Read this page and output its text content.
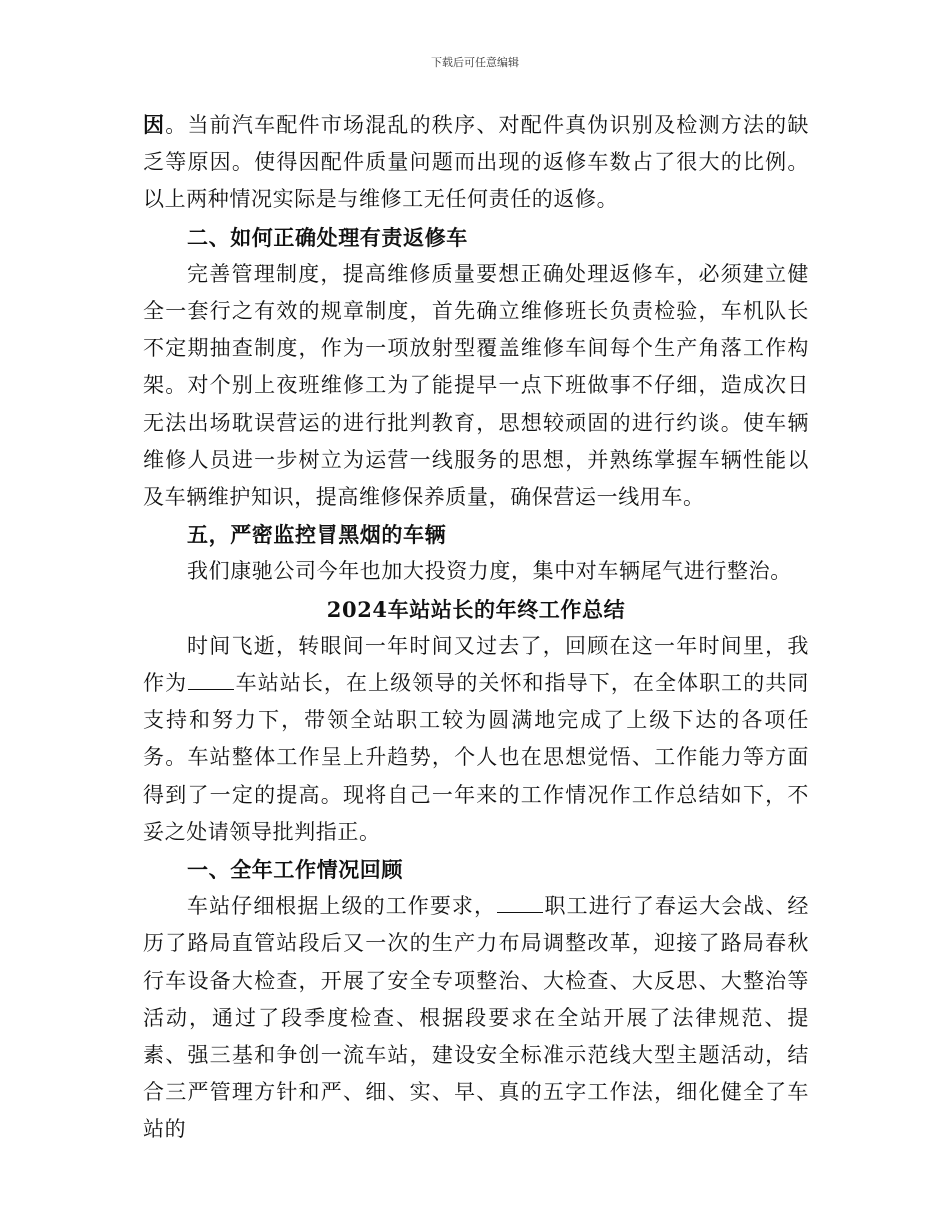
下载后可任意编辑

因。当前汽车配件市场混乱的秩序、对配件真伪识别及检测方法的缺乏等原因。使得因配件质量问题而出现的返修车数占了很大的比例。以上两种情况实际是与维修工无任何责任的返修。

二、如何正确处理有责返修车

完善管理制度，提高维修质量要想正确处理返修车，必须建立健全一套行之有效的规章制度，首先确立维修班长负责检验，车机队长不定期抽查制度，作为一项放射型覆盖维修车间每个生产角落工作构架。对个别上夜班维修工为了能提早一点下班做事不仔细，造成次日无法出场耽误营运的进行批判教育，思想较顽固的进行约谈。使车辆维修人员进一步树立为运营一线服务的思想，并熟练掌握车辆性能以及车辆维护知识，提高维修保养质量，确保营运一线用车。

五，严密监控冒黑烟的车辆

我们康驰公司今年也加大投资力度，集中对车辆尾气进行整治。

2024车站站长的年终工作总结

时间飞逝，转眼间一年时间又过去了，回顾在这一年时间里，我作为 车站站长，在上级领导的关怀和指导下，在全体职工的共同支持和努力下，带领全站职工较为圆满地完成了上级下达的各项任务。车站整体工作呈上升趋势，个人也在思想觉悟、工作能力等方面得到了一定的提高。现将自己一年来的工作情况作工作总结如下，不妥之处请领导批判指正。

一、全年工作情况回顾

车站仔细根据上级的工作要求， 职工进行了春运大会战、经历了路局直管站段后又一次的生产力布局调整改革，迎接了路局春秋行车设备大检查，开展了安全专项整治、大检查、大反思、大整治等活动，通过了段季度检查、根据段要求在全站开展了法律规范、提素、强三基和争创一流车站，建设安全标准示范线大型主题活动，结合三严管理方针和严、细、实、早、真的五字工作法，细化健全了车站的
